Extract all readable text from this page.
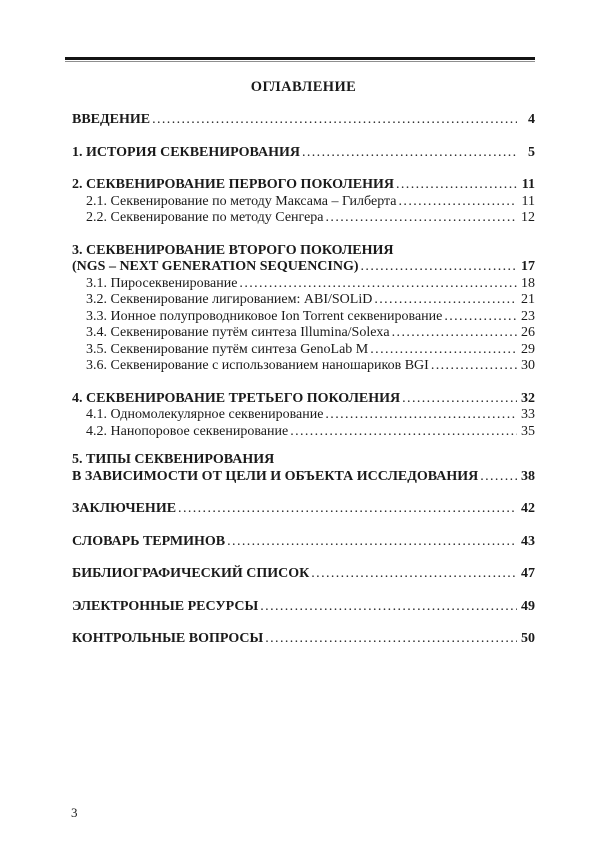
ОГЛАВЛЕНИЕ
ВВЕДЕНИЕ .....	4
1. ИСТОРИЯ СЕКВЕНИРОВАНИЯ .....	5
2. СЕКВЕНИРОВАНИЕ ПЕРВОГО ПОКОЛЕНИЯ .....	11
2.1. Секвенирование по методу Максама – Гилберта .....	11
2.2. Секвенирование по методу Сенгера .....	12
3. СЕКВЕНИРОВАНИЕ ВТОРОГО ПОКОЛЕНИЯ
(NGS – NEXT GENERATION SEQUENCING) .....	17
3.1. Пиросеквенирование .....	18
3.2. Секвенирование лигированием: ABI/SOLiD .....	21
3.3. Ионное полупроводниковое Ion Torrent секвенирование .....	23
3.4. Секвенирование путём синтеза Illumina/Solexa .....	26
3.5. Секвенирование путём синтеза GenoLab M .....	29
3.6. Секвенирование с использованием наношариков BGI .....	30
4. СЕКВЕНИРОВАНИЕ ТРЕТЬЕГО ПОКОЛЕНИЯ .....	32
4.1. Одномолекулярное секвенирование .....	33
4.2. Нанопоровое секвенирование .....	35
5. ТИПЫ СЕКВЕНИРОВАНИЯ
В ЗАВИСИМОСТИ ОТ ЦЕЛИ И ОБЪЕКТА ИССЛЕДОВАНИЯ .....	38
ЗАКЛЮЧЕНИЕ .....	42
СЛОВАРЬ ТЕРМИНОВ .....	43
БИБЛИОГРАФИЧЕСКИЙ СПИСОК .....	47
ЭЛЕКТРОННЫЕ РЕСУРСЫ .....	49
КОНТРОЛЬНЫЕ ВОПРОСЫ .....	50
3
